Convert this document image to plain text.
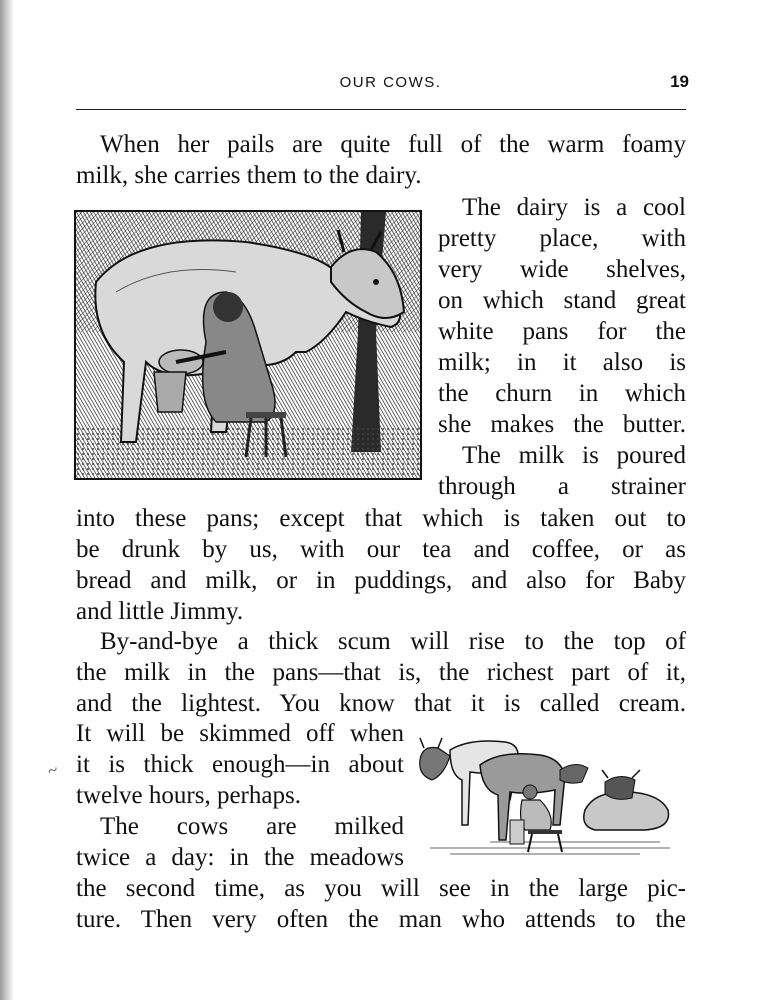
OUR COWS.	19
When her pails are quite full of the warm foamy
milk, she carries them to the dairy.
The dairy is a cool
pretty place, with
very wide shelves,
on which stand great
white pans for the
milk; in it also is
the churn in which
she makes the butter.
The milk is poured
through a strainer
into these pans; except that which is taken out to
be drunk by us, with our tea and coffee, or as
bread and milk, or in puddings, and also for Baby
and little Jimmy.
By-and-bye a thick scum will rise to the top of
the milk in the pans—that is, the richest part of it,
and the lightest. You know that it is called cream.
It will be skimmed off when
it is thick enough—in about
twelve hours, perhaps.
The cows are milked
twice a day: in the meadows
the second time, as you will see in the large pic-
ture. Then very often the man who attends to the
~
